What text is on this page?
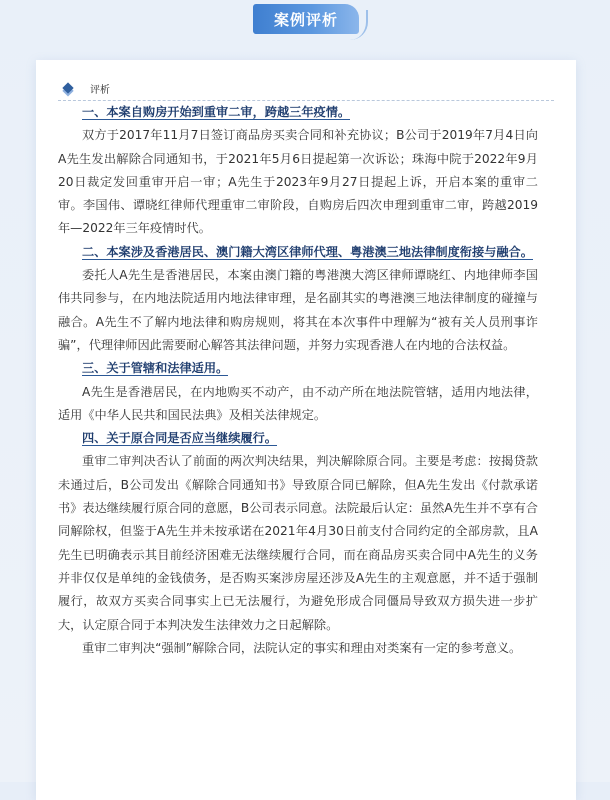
案例评析
评析

一、本案自购房开始到重审二审，跨越三年疫情。

双方于2017年11月7日签订商品房买卖合同和补充协议；B公司于2019年7月4日向A先生发出解除合同通知书，于2021年5月6日提起第一次诉讼；珠海中院于2022年9月20日裁定发回重审开启一审；A先生于2023年9月27日提起上诉，开启本案的重审二审。李国伟、谭晓红律师代理重审二审阶段，自购房后四次申理到重审二审，跨越2019年—2022年三年疫情时代。

二、本案涉及香港居民、澳门籍大湾区律师代理、粤港澳三地法律制度衔接与融合。

委托人A先生是香港居民，本案由澳门籍的粤港澳大湾区律师谭晓红、内地律师李国伟共同参与，在内地法院适用内地法律审理，是名副其实的粤港澳三地法律制度的碰撞与融合。A先生不了解内地法律和购房规则，将其在本次事件中理解为“被有关人员刑事诈骗”，代理律师因此需要耐心解答其法律问题，并努力实现香港人在内地的合法权益。

三、关于管辖和法律适用。

A先生是香港居民，在内地购买不动产，由不动产所在地法院管辖，适用内地法律，适用《中华人民共和国民法典》及相关法律规定。

四、关于原合同是否应当继续履行。

重审二审判决否认了前面的两次判决结果，判决解除原合同。主要是考虑：按揭贷款未通过后，B公司发出《解除合同通知书》导致原合同已解除，但A先生发出《付款承诺书》表达继续履行原合同的意愿，B公司表示同意。法院最后认定：虽然A先生并不享有合同解除权，但鉴于A先生并未按承诺在2021年4月30日前支付合同约定的全部房款，且A先生已明确表示其目前经济困难无法继续履行合同，而在商品房买卖合同中A先生的义务并非仅仅是单纯的金钱债务，是否购买案涉房屋还涉及A先生的主观意愿，并不适于强制履行，故双方买卖合同事实上已无法履行，为避免形成合同僵局导致双方损失进一步扩大，认定原合同于本判决发生法律效力之日起解除。

重审二审判决“强制”解除合同，法院认定的事实和理由对类案有一定的参考意义。
